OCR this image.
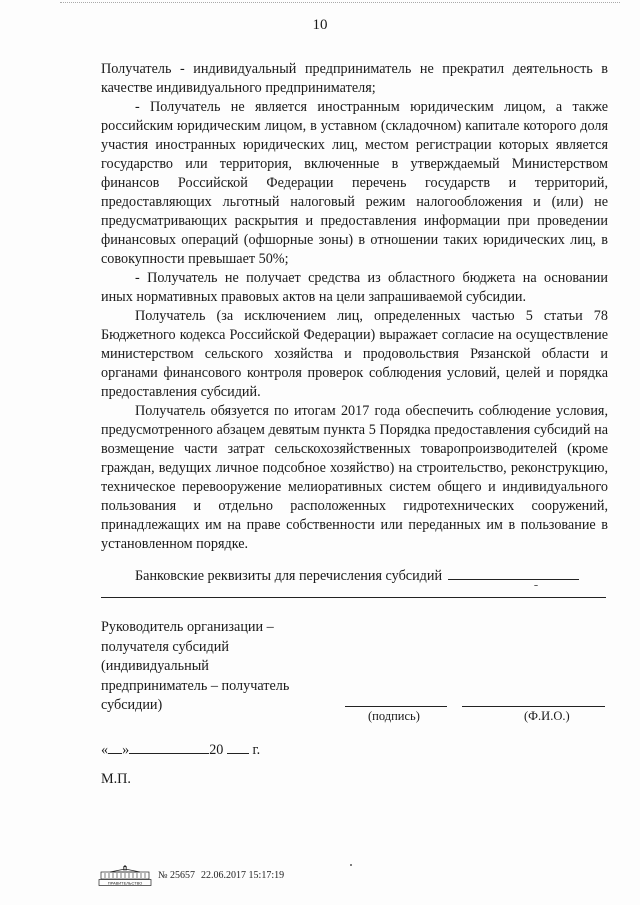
10

Получатель - индивидуальный предприниматель не прекратил деятельность в качестве индивидуального предпринимателя;

- Получатель не является иностранным юридическим лицом, а также российским юридическим лицом, в уставном (складочном) капитале которого доля участия иностранных юридических лиц, местом регистрации которых является государство или территория, включенные в утверждаемый Министерством финансов Российской Федерации перечень государств и территорий, предоставляющих льготный налоговый режим налогообложения и (или) не предусматривающих раскрытия и предоставления информации при проведении финансовых операций (офшорные зоны) в отношении таких юридических лиц, в совокупности превышает 50%;

- Получатель не получает средства из областного бюджета на основании иных нормативных правовых актов на цели запрашиваемой субсидии.

Получатель (за исключением лиц, определенных частью 5 статьи 78 Бюджетного кодекса Российской Федерации) выражает согласие на осуществление министерством сельского хозяйства и продовольствия Рязанской области и органами финансового контроля проверок соблюдения условий, целей и порядка предоставления субсидий.

Получатель обязуется по итогам 2017 года обеспечить соблюдение условия, предусмотренного абзацем девятым пункта 5 Порядка предоставления субсидий на возмещение части затрат сельскохозяйственных товаропроизводителей (кроме граждан, ведущих личное подсобное хозяйство) на строительство, реконструкцию, техническое перевооружение мелиоративных систем общего и индивидуального пользования и отдельно расположенных гидротехнических сооружений, принадлежащих им на праве собственности или переданных им в пользование в установленном порядке.

Банковские реквизиты для перечисления субсидий
Руководитель организации –
получателя субсидий
(индивидуальный
предприниматель – получатель
субсидии)
(подпись)	(Ф.И.О.)
« »	20 г.
М.П.
ПРАВИТЕЛЬСТВО
№ 25657 22.06.2017 15:17:19
